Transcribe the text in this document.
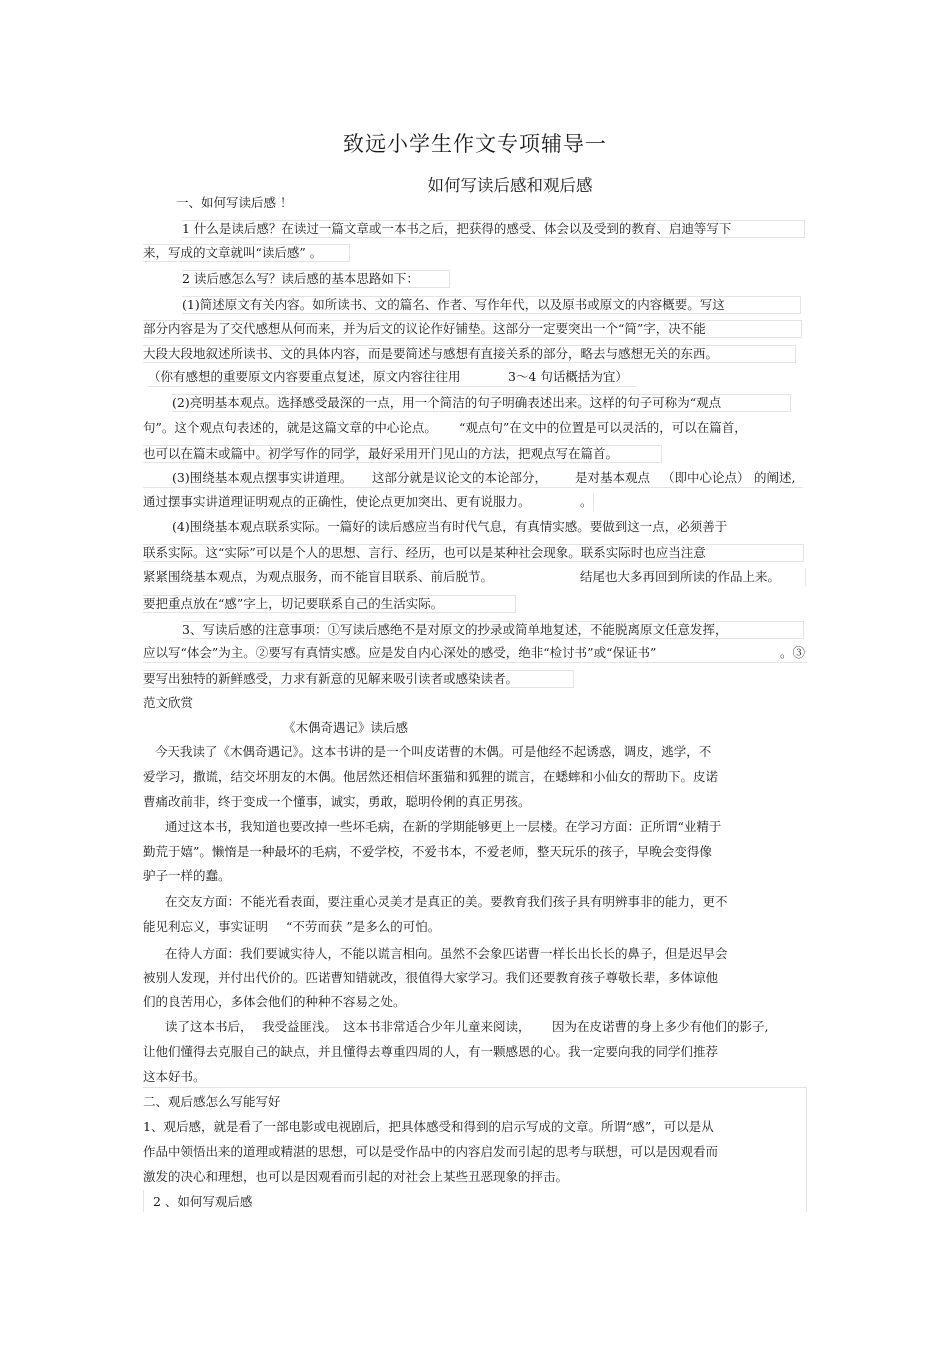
致远小学生作文专项辅导一
如何写读后感和观后感
一、如何写读后感 ！
1 什么是读后感？在读过一篇文章或一本书之后，把获得的感受、体会以及受到的教育、启迪等写下
来，写成的文章就叫“读后感” 。
2 读后感怎么写？读后感的基本思路如下：
(1)简述原文有关内容。如所读书、文的篇名、作者、写作年代，以及原书或原文的内容概要。写这
部分内容是为了交代感想从何而来，并为后文的议论作好铺垫。这部分一定要突出一个“简”字，决不能
大段大段地叙述所读书、文的具体内容，而是要简述与感想有直接关系的部分，略去与感想无关的东西。
（你有感想的重要原文内容要重点复述，原文内容往往用	3～4 句话概括为宜）
(2)亮明基本观点。选择感受最深的一点，用一个简洁的句子明确表述出来。这样的句子可称为“观点
句”。这个观点句表述的，就是这篇文章的中心论点。 “观点句”在文中的位置是可以灵活的，可以在篇首，
也可以在篇末或篇中。初学写作的同学，最好采用开门见山的方法，把观点写在篇首。
(3)围绕基本观点摆事实讲道理。 这部分就是议论文的本论部分， 是对基本观点 （即中心论点） 的阐述,
通过摆事实讲道理证明观点的正确性，使论点更加突出、更有说服力。	。
(4)围绕基本观点联系实际。一篇好的读后感应当有时代气息，有真情实感。要做到这一点，必须善于
联系实际。这“实际”可以是个人的思想、言行、经历，也可以是某种社会现象。联系实际时也应当注意
紧紧围绕基本观点，为观点服务，而不能盲目联系、前后脱节。	结尾也大多再回到所读的作品上来。
要把重点放在“感”字上，切记要联系自己的生活实际。
3、写读后感的注意事项：①写读后感绝不是对原文的抄录或简单地复述，不能脱离原文任意发挥，
应以写“体会”为主。②要写有真情实感。应是发自内心深处的感受，绝非“检讨书”或“保证书”	。③
要写出独特的新鲜感受，力求有新意的见解来吸引读者或感染读者。
范文欣赏
《木偶奇遇记》读后感
今天我读了《木偶奇遇记》。这本书讲的是一个叫皮诺曹的木偶。可是他经不起诱惑，调皮，逃学，不
爱学习，撒谎，结交坏朋友的木偶。他居然还相信坏蛋猫和狐狸的谎言，在蟋蟀和小仙女的帮助下。皮诺
曹痛改前非，终于变成一个懂事，诚实，勇敢，聪明伶俐的真正男孩。
通过这本书，我知道也要改掉一些坏毛病，在新的学期能够更上一层楼。在学习方面：正所谓“业精于
勤荒于嬉”。懒惰是一种最坏的毛病，不爱学校，不爱书本，不爱老师，整天玩乐的孩子，早晚会变得像
驴子一样的蠢。
在交友方面：不能光看表面，要注重心灵美才是真正的美。要教育我们孩子具有明辨事非的能力，更不
能见利忘义，事实证明 “不劳而获 ”是多么的可怕。
在待人方面：我们要诚实待人，不能以谎言相向。虽然不会象匹诺曹一样长出长长的鼻子，但是迟早会
被别人发现，并付出代价的。匹诺曹知错就改，很值得大家学习。我们还要教育孩子尊敬长辈，多体谅他
们的良苦用心，多体会他们的种种不容易之处。
读了这本书后， 我受益匪浅。 这本书非常适合少年儿童来阅读， 因为在皮诺曹的身上多少有他们的影子,
让他们懂得去克服自己的缺点，并且懂得去尊重四周的人，有一颗感恩的心。我一定要向我的同学们推荐
这本好书。
二、观后感怎么写能写好
1、观后感，就是看了一部电影或电视剧后，把具体感受和得到的启示写成的文章。所谓“感”，可以是从
作品中领悟出来的道理或精湛的思想，可以是受作品中的内容启发而引起的思考与联想，可以是因观看而
激发的决心和理想，也可以是因观看而引起的对社会上某些丑恶现象的抨击。
2 、如何写观后感
